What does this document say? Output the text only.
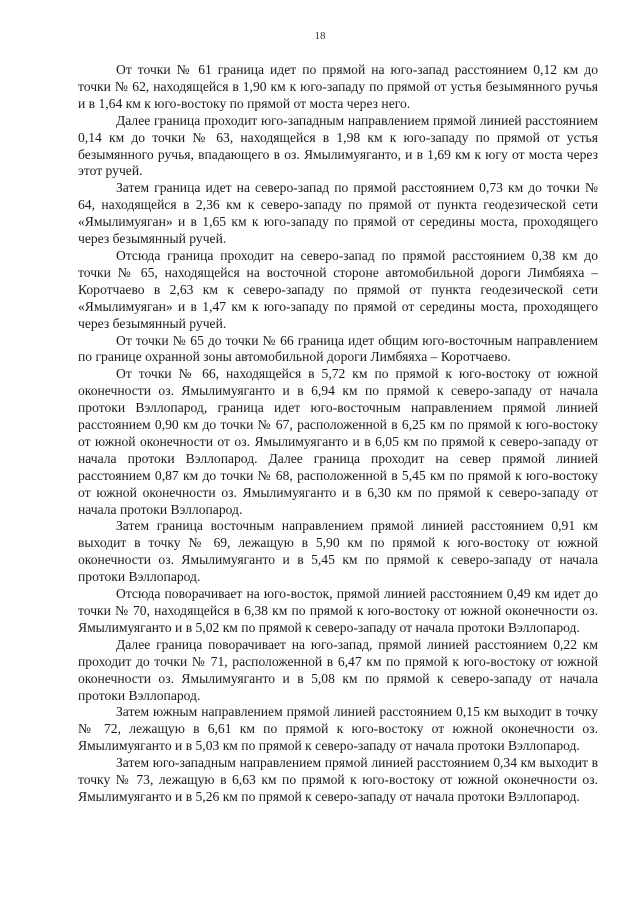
18

От точки № 61 граница идет по прямой на юго-запад расстоянием 0,12 км до точки № 62, находящейся в 1,90 км к юго-западу по прямой от устья безымянного ручья и в 1,64 км к юго-востоку по прямой от моста через него.

Далее граница проходит юго-западным направлением прямой линией расстоянием 0,14 км до точки № 63, находящейся в 1,98 км к юго-западу по прямой от устья безымянного ручья, впадающего в оз. Ямылимуяганто, и в 1,69 км к югу от моста через этот ручей.

Затем граница идет на северо-запад по прямой расстоянием 0,73 км до точки № 64, находящейся в 2,36 км к северо-западу по прямой от пункта геодезической сети «Ямылимуяган» и в 1,65 км к юго-западу по прямой от середины моста, проходящего через безымянный ручей.

Отсюда граница проходит на северо-запад по прямой расстоянием 0,38 км до точки № 65, находящейся на восточной стороне автомобильной дороги Лимбяяха – Коротчаево в 2,63 км к северо-западу по прямой от пункта геодезической сети «Ямылимуяган» и в 1,47 км к юго-западу по прямой от середины моста, проходящего через безымянный ручей.

От точки № 65 до точки № 66 граница идет общим юго-восточным направлением по границе охранной зоны автомобильной дороги Лимбяяха – Коротчаево.

От точки № 66, находящейся в 5,72 км по прямой к юго-востоку от южной оконечности оз. Ямылимуяганто и в 6,94 км по прямой к северо-западу от начала протоки Вэллопарод, граница идет юго-восточным направлением прямой линией расстоянием 0,90 км до точки № 67, расположенной в 6,25 км по прямой к юго-востоку от южной оконечности от оз. Ямылимуяганто и в 6,05 км по прямой к северо-западу от начала протоки Вэллопарод. Далее граница проходит на север прямой линией расстоянием 0,87 км до точки № 68, расположенной в 5,45 км по прямой к юго-востоку от южной оконечности оз. Ямылимуяганто и в 6,30 км по прямой к северо-западу от начала протоки Вэллопарод.

Затем граница восточным направлением прямой линией расстоянием 0,91 км выходит в точку № 69, лежащую в 5,90 км по прямой к юго-востоку от южной оконечности оз. Ямылимуяганто и в 5,45 км по прямой к северо-западу от начала протоки Вэллопарод.

Отсюда поворачивает на юго-восток, прямой линией расстоянием 0,49 км идет до точки № 70, находящейся в 6,38 км по прямой к юго-востоку от южной оконечности оз. Ямылимуяганто и в 5,02 км по прямой к северо-западу от начала протоки Вэллопарод.

Далее граница поворачивает на юго-запад, прямой линией расстоянием 0,22 км проходит до точки № 71, расположенной в 6,47 км по прямой к юго-востоку от южной оконечности оз. Ямылимуяганто и в 5,08 км по прямой к северо-западу от начала протоки Вэллопарод.

Затем южным направлением прямой линией расстоянием 0,15 км выходит в точку № 72, лежащую в 6,61 км по прямой к юго-востоку от южной оконечности оз. Ямылимуяганто и в 5,03 км по прямой к северо-западу от начала протоки Вэллопарод.

Затем юго-западным направлением прямой линией расстоянием 0,34 км выходит в точку № 73, лежащую в 6,63 км по прямой к юго-востоку от южной оконечности оз. Ямылимуяганто и в 5,26 км по прямой к северо-западу от начала протоки Вэллопарод.
